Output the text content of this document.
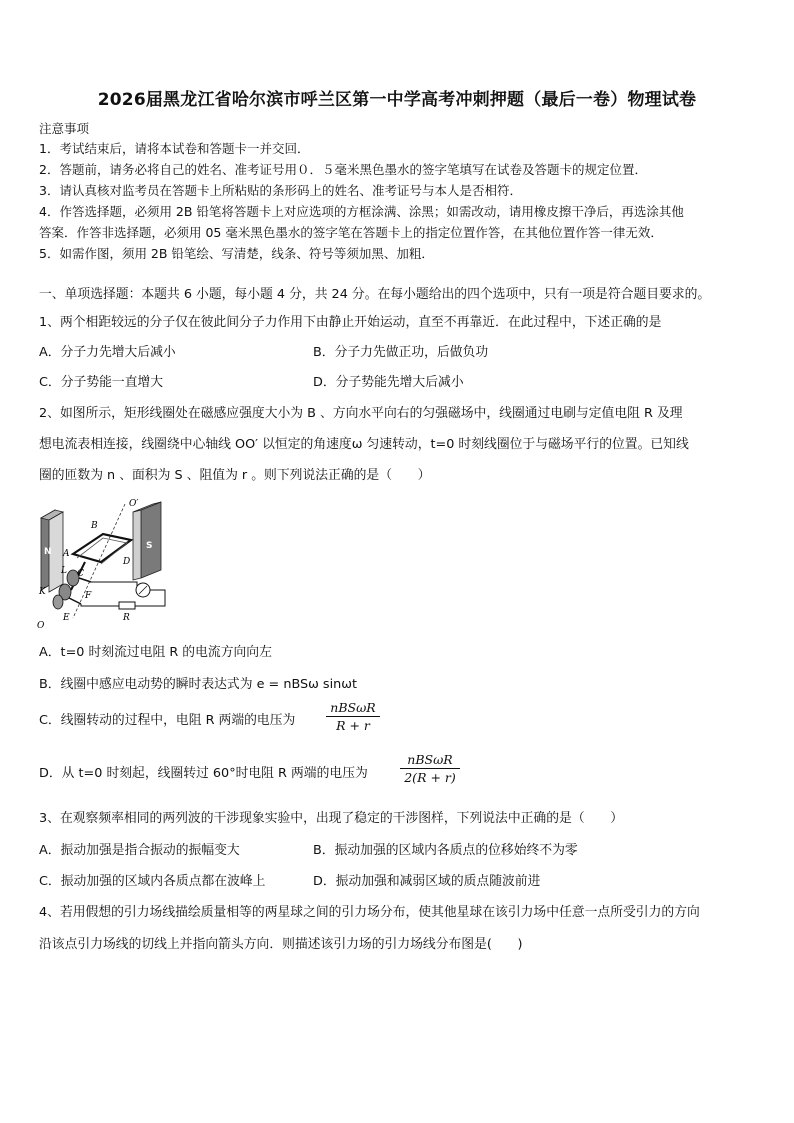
2026届黑龙江省哈尔滨市呼兰区第一中学高考冲刺押题（最后一卷）物理试卷
注意事项
1．考试结束后，请将本试卷和答题卡一并交回．
2．答题前，请务必将自己的姓名、准考证号用０．５毫米黑色墨水的签字笔填写在试卷及答题卡的规定位置．
3．请认真核对监考员在答题卡上所粘贴的条形码上的姓名、准考证号与本人是否相符．
4．作答选择题，必须用 2B 铅笔将答题卡上对应选项的方框涂满、涂黑；如需改动，请用橡皮擦干净后，再选涂其他
答案．作答非选择题，必须用 05 毫米黑色墨水的签字笔在答题卡上的指定位置作答，在其他位置作答一律无效．
5．如需作图，须用 2B 铅笔绘、写清楚，线条、符号等须加黑、加粗．
一、单项选择题：本题共 6 小题，每小题 4 分，共 24 分。在每小题给出的四个选项中，只有一项是符合题目要求的。
1、两个相距较远的分子仅在彼此间分子力作用下由静止开始运动，直至不再靠近．在此过程中，下述正确的是
A．分子力先增大后减小	B．分子力先做正功，后做负功
C．分子势能一直增大	D．分子势能先增大后减小
2、如图所示，矩形线圈处在磁感应强度大小为 B 、方向水平向右的匀强磁场中，线圈通过电刷与定值电阻 R 及理
想电流表相连接，线圈绕中心轴线 OO′ 以恒定的角速度ω 匀速转动，t=0 时刻线圈位于与磁场平行的位置。已知线
圈的匝数为 n 、面积为 S 、阻值为 r 。则下列说法正确的是（　　）
O′
B
N
S
A
L
D
C
K	F
R
O
E
A．t=0 时刻流过电阻 R 的电流方向向左
B．线圈中感应电动势的瞬时表达式为 e = nBSω sinωt
C．线圈转动的过程中，电阻 R 两端的电压为
nBSωR
R + r
D．从 t=0 时刻起，线圈转过 60°时电阻 R 两端的电压为
nBSωR
2(R + r)
3、在观察频率相同的两列波的干涉现象实验中，出现了稳定的干涉图样，下列说法中正确的是（　　）
A．振动加强是指合振动的振幅变大	B．振动加强的区域内各质点的位移始终不为零
C．振动加强的区域内各质点都在波峰上	D．振动加强和减弱区域的质点随波前进
4、若用假想的引力场线描绘质量相等的两星球之间的引力场分布，使其他星球在该引力场中任意一点所受引力的方向
沿该点引力场线的切线上并指向箭头方向．则描述该引力场的引力场线分布图是(　　)
